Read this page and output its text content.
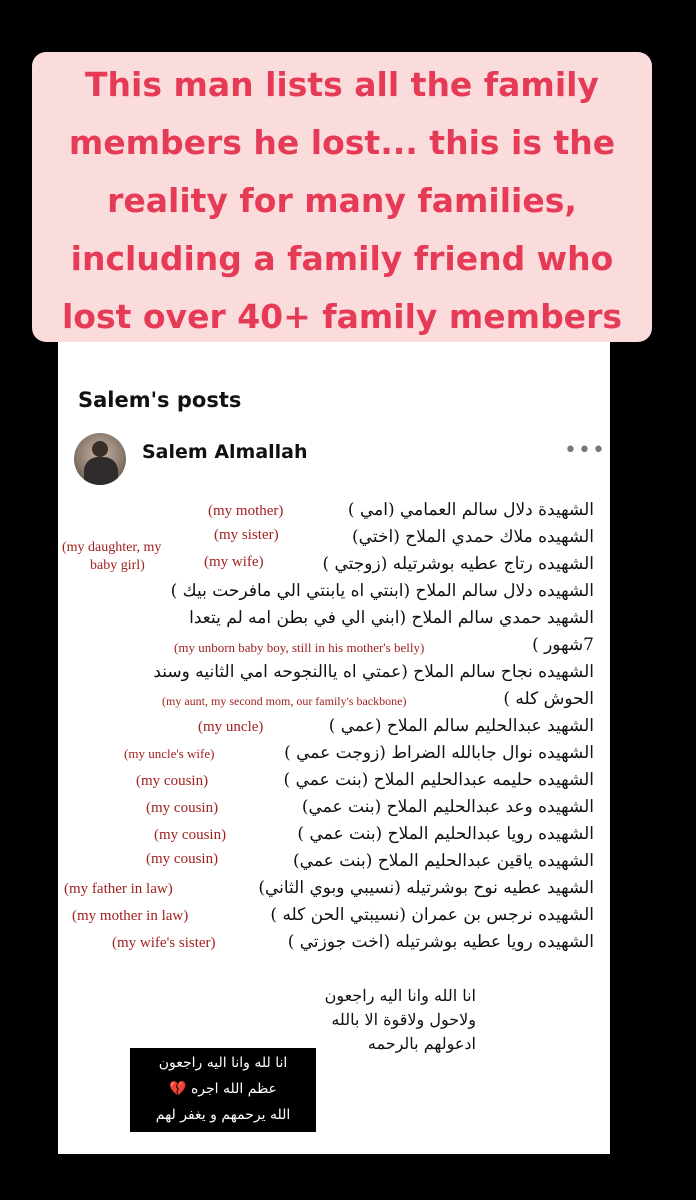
This man lists all the family
members he lost... this is the
reality for many families,
including a family friend who
lost over 40+ family members
Salem's posts
Salem Almallah	•••
الشهيدة دلال سالم العمامي (امي )
الشهيده ملاك حمدي الملاح (اختي)
الشهيده رتاج عطيه بوشرتيله (زوجتي )
الشهيده دلال سالم الملاح (ابنتي اه يابنتي الي مافرحت بيك )
الشهيد حمدي سالم الملاح (ابني الي في بطن امه لم يتعدا
7شهور )
الشهيده نجاح سالم الملاح (عمتي اه ياالنجوحه امي الثانيه وسند
الحوش كله )
الشهيد عبدالحليم سالم الملاح (عمي )
الشهيده نوال جابالله الضراط (زوجت عمي )
الشهيده حليمه عبدالحليم الملاح (بنت عمي )
الشهيده وعد عبدالحليم الملاح (بنت عمي)
الشهيده رويا عبدالحليم الملاح (بنت عمي )
الشهيده ياقين عبدالحليم الملاح (بنت عمي)
الشهيد عطيه نوح بوشرتيله (نسيبي وبوي الثاني)
الشهيده نرجس بن عمران (نسيبتي الحن كله )
الشهيده رويا عطيه بوشرتيله (اخت جوزتي )
(my mother)
(my sister)
(my wife)
(my daughter, my
baby girl)
(my unborn baby boy, still in his mother's belly)
(my aunt, my second mom, our family's backbone)
(my uncle)
(my uncle's wife)
(my cousin)
(my cousin)
(my cousin)
(my cousin)
(my father in law)
(my mother in law)
(my wife's sister)
انا الله وانا اليه راجعون
ولاحول ولاقوة الا بالله
ادعولهم بالرحمه
انا لله وانا اليه راجعون
عظم الله اجره 💔
الله يرحمهم و يغفر لهم
